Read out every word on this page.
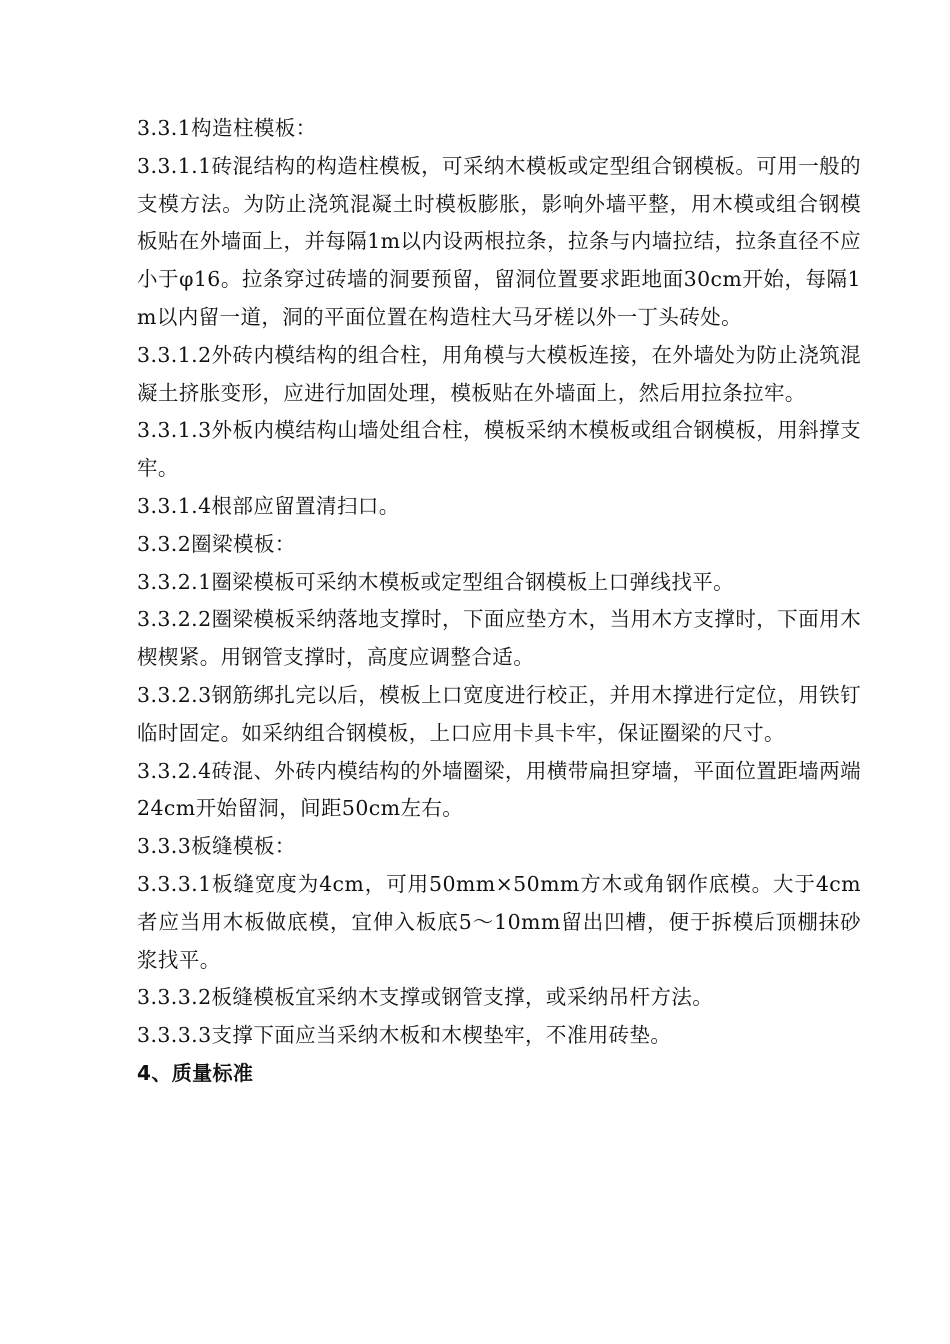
3.3.1构造柱模板：

3.3.1.1砖混结构的构造柱模板，可采纳木模板或定型组合钢模板。可用一般的支模方法。为防止浇筑混凝土时模板膨胀，影响外墙平整，用木模或组合钢模板贴在外墙面上，并每隔1m以内设两根拉条，拉条与内墙拉结，拉条直径不应小于φ16。拉条穿过砖墙的洞要预留，留洞位置要求距地面30cm开始，每隔1m以内留一道，洞的平面位置在构造柱大马牙槎以外一丁头砖处。

3.3.1.2外砖内模结构的组合柱，用角模与大模板连接，在外墙处为防止浇筑混凝土挤胀变形，应进行加固处理，模板贴在外墙面上，然后用拉条拉牢。

3.3.1.3外板内模结构山墙处组合柱，模板采纳木模板或组合钢模板，用斜撑支牢。

3.3.1.4根部应留置清扫口。

3.3.2圈梁模板：

3.3.2.1圈梁模板可采纳木模板或定型组合钢模板上口弹线找平。

3.3.2.2圈梁模板采纳落地支撑时，下面应垫方木，当用木方支撑时，下面用木楔楔紧。用钢管支撑时，高度应调整合适。

3.3.2.3钢筋绑扎完以后，模板上口宽度进行校正，并用木撑进行定位，用铁钉临时固定。如采纳组合钢模板，上口应用卡具卡牢，保证圈梁的尺寸。

3.3.2.4砖混、外砖内模结构的外墙圈梁，用横带扁担穿墙，平面位置距墙两端24cm开始留洞，间距50cm左右。

3.3.3板缝模板：

3.3.3.1板缝宽度为4cm，可用50mm×50mm方木或角钢作底模。大于4cm者应当用木板做底模，宜伸入板底5～10mm留出凹槽，便于拆模后顶棚抹砂浆找平。

3.3.3.2板缝模板宜采纳木支撑或钢管支撑，或采纳吊杆方法。

3.3.3.3支撑下面应当采纳木板和木楔垫牢，不准用砖垫。

4、质量标准
